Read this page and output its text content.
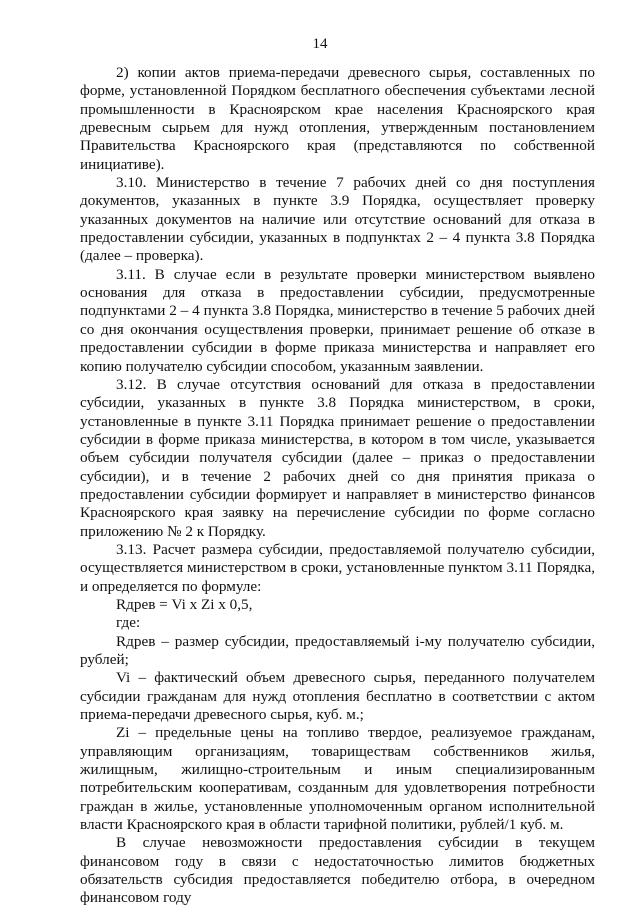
14

2) копии актов приема-передачи древесного сырья, составленных по форме, установленной Порядком бесплатного обеспечения субъектами лесной промышленности в Красноярском крае населения Красноярского края древесным сырьем для нужд отопления, утвержденным постановлением Правительства Красноярского края (представляются по собственной инициативе).

3.10. Министерство в течение 7 рабочих дней со дня поступления документов, указанных в пункте 3.9 Порядка, осуществляет проверку указанных документов на наличие или отсутствие оснований для отказа в предоставлении субсидии, указанных в подпунктах 2 – 4 пункта 3.8 Порядка (далее – проверка).

3.11. В случае если в результате проверки министерством выявлено основания для отказа в предоставлении субсидии, предусмотренные подпунктами 2 – 4 пункта 3.8 Порядка, министерство в течение 5 рабочих дней со дня окончания осуществления проверки, принимает решение об отказе в предоставлении субсидии в форме приказа министерства и направляет его копию получателю субсидии способом, указанным заявлении.

3.12. В случае отсутствия оснований для отказа в предоставлении субсидии, указанных в пункте 3.8 Порядка министерством, в сроки, установленные в пункте 3.11 Порядка принимает решение о предоставлении субсидии в форме приказа министерства, в котором в том числе, указывается объем субсидии получателя субсидии (далее – приказ о предоставлении субсидии), и в течение 2 рабочих дней со дня принятия приказа о предоставлении субсидии формирует и направляет в министерство финансов Красноярского края заявку на перечисление субсидии по форме согласно приложению № 2 к Порядку.

3.13. Расчет размера субсидии, предоставляемой получателю субсидии, осуществляется министерством в сроки, установленные пунктом 3.11 Порядка, и определяется по формуле:

Rдрев = Vi x Zi x 0,5,

где:

Rдрев – размер субсидии, предоставляемый i-му получателю субсидии, рублей;

Vi – фактический объем древесного сырья, переданного получателем субсидии гражданам для нужд отопления бесплатно в соответствии с актом приема-передачи древесного сырья, куб. м.;

Zi – предельные цены на топливо твердое, реализуемое гражданам, управляющим организациям, товариществам собственников жилья, жилищным, жилищно-строительным и иным специализированным потребительским кооперативам, созданным для удовлетворения потребности граждан в жилье, установленные уполномоченным органом исполнительной власти Красноярского края в области тарифной политики, рублей/1 куб. м.

В случае невозможности предоставления субсидии в текущем финансовом году в связи с недостаточностью лимитов бюджетных обязательств субсидия предоставляется победителю отбора, в очередном финансовом году
